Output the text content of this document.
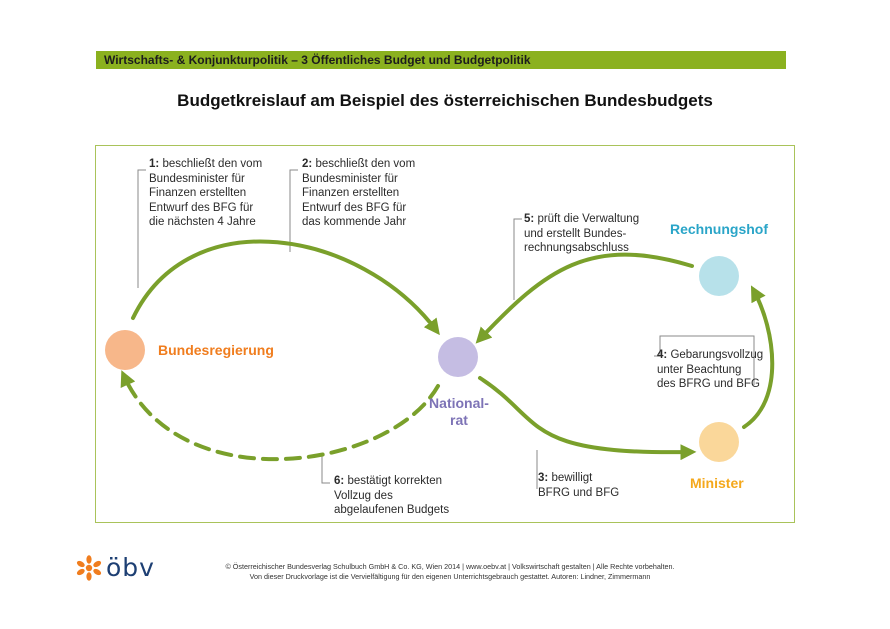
Wirtschafts- & Konjunkturpolitik – 3 Öffentliches Budget und Budgetpolitik
Budgetkreislauf am Beispiel des österreichischen Bundesbudgets
Bundesregierung
National-
rat
Rechnungshof
Minister
1: beschließt den vom
Bundesminister für
Finanzen erstellten
Entwurf des BFG für
die nächsten 4 Jahre
2: beschließt den vom
Bundesminister für
Finanzen erstellten
Entwurf des BFG für
das kommende Jahr
3: bewilligt
BFRG und BFG
4: Gebarungsvollzug
unter Beachtung
des BFRG und BFG
5: prüft die Verwaltung
und erstellt Bundes-
rechnungsabschluss
6: bestätigt korrekten
Vollzug des
abgelaufenen Budgets
öbv	© Österreichischer Bundesverlag Schulbuch GmbH & Co. KG, Wien 2014 | www.oebv.at | Volkswirtschaft gestalten | Alle Rechte vorbehalten.
Von dieser Druckvorlage ist die Vervielfältigung für den eigenen Unterrichtsgebrauch gestattet. Autoren: Lindner, Zimmermann
